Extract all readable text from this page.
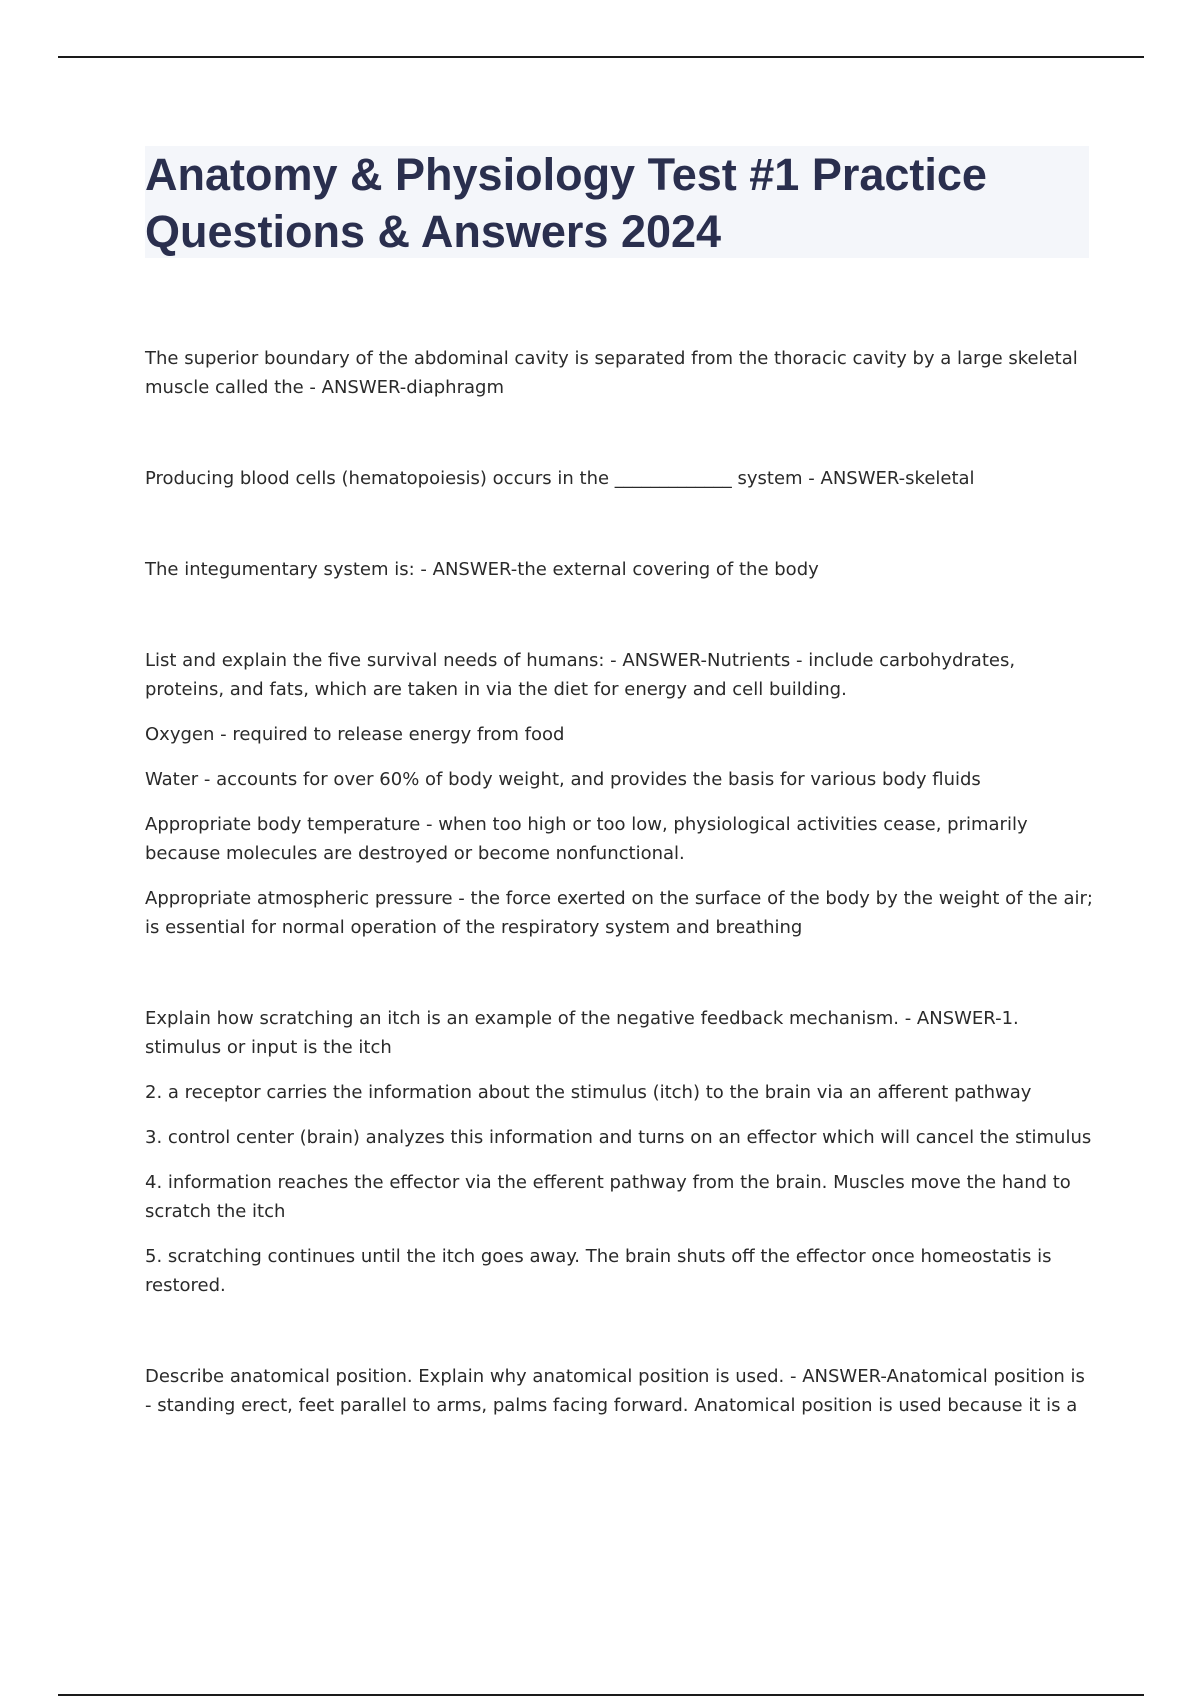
Anatomy & Physiology Test #1 Practice Questions & Answers 2024

The superior boundary of the abdominal cavity is separated from the thoracic cavity by a large skeletal muscle called the - ANSWER-diaphragm

Producing blood cells (hematopoiesis) occurs in the _____________ system - ANSWER-skeletal

The integumentary system is: - ANSWER-the external covering of the body

List and explain the five survival needs of humans: - ANSWER-Nutrients - include carbohydrates, proteins, and fats, which are taken in via the diet for energy and cell building.

Oxygen - required to release energy from food

Water - accounts for over 60% of body weight, and provides the basis for various body fluids

Appropriate body temperature - when too high or too low, physiological activities cease, primarily because molecules are destroyed or become nonfunctional.

Appropriate atmospheric pressure - the force exerted on the surface of the body by the weight of the air; is essential for normal operation of the respiratory system and breathing

Explain how scratching an itch is an example of the negative feedback mechanism. - ANSWER-1. stimulus or input is the itch

2. a receptor carries the information about the stimulus (itch) to the brain via an afferent pathway

3. control center (brain) analyzes this information and turns on an effector which will cancel the stimulus

4. information reaches the effector via the efferent pathway from the brain. Muscles move the hand to scratch the itch

5. scratching continues until the itch goes away. The brain shuts off the effector once homeostatis is restored.

Describe anatomical position. Explain why anatomical position is used. - ANSWER-Anatomical position is - standing erect, feet parallel to arms, palms facing forward. Anatomical position is used because it is a
